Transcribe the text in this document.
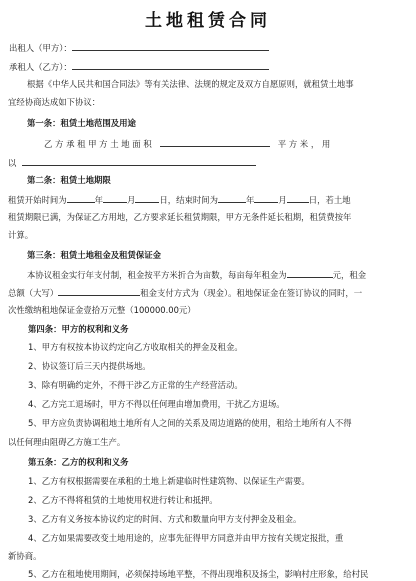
土地租赁合同
出租人（甲方）：
承租人（乙方）：
根据《中华人民共和国合同法》等有关法律、法规的规定及双方自愿原则，就租赁土地事
宜经协商达成如下协议：
第一条：租赁土地范围及用途
乙 方 承 租 甲 方 土 地 面 积	平 方 米 ， 用
以
第二条：租赁土地期限
租赁开始时间为	年	月	日，结束时间为	年	月	日，若土地
租赁期限已满，为保证乙方用地，乙方要求延长租赁期限，甲方无条件延长租期，租赁费按年
计算。
第三条：租赁土地租金及租赁保证金
本协议租金实行年支付制，租金按平方米折合为亩数，每亩每年租金为	元，租金
总额（大写）	租金支付方式为（现金）。租地保证金在签订协议的同时，一
次性缴纳租地保证金壹拾万元整（100000.00元）
第四条：甲方的权利和义务
1、甲方有权按本协议约定向乙方收取相关的押金及租金。
2、协议签订后三天内提供场地。
3、除有明确约定外，不得干涉乙方正常的生产经营活动。
4、乙方完工退场时，甲方不得以任何理由增加费用，干扰乙方退场。
5、甲方应负责协调租地土地所有人之间的关系及周边道路的使用，租给土地所有人不得
以任何理由阻碍乙方施工生产。
第五条：乙方的权利和义务
1、乙方有权根据需要在承租的土地上新建临时性建筑物、以保证生产需要。
2、乙方不得将租赁的土地使用权进行转让和抵押。
3、乙方有义务按本协议约定的时间、方式和数量向甲方支付押金及租金。
4、乙方如果需要改变土地用途的，应事先征得甲方同意并由甲方按有关规定报批，重
新协商。
5、乙方在租地使用期间，必须保持场地平整，不得出现堆积及扬尘，影响村庄形象，给村民
